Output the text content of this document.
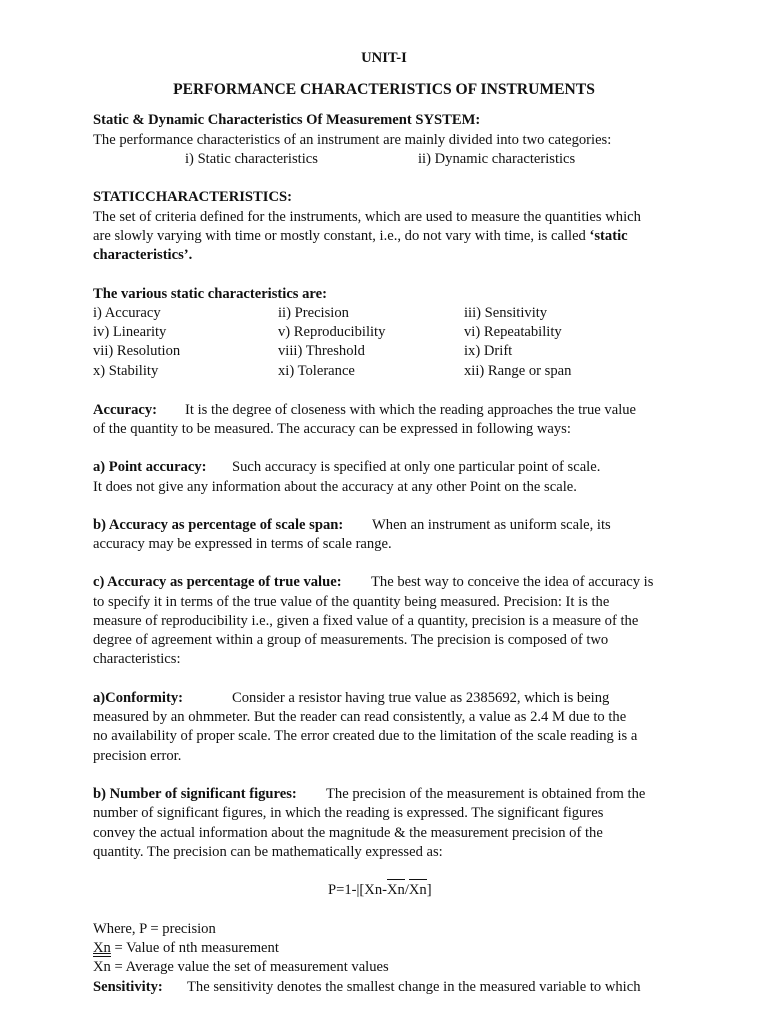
UNIT-I
PERFORMANCE CHARACTERISTICS OF INSTRUMENTS
Static & Dynamic Characteristics Of Measurement SYSTEM:
The performance characteristics of an instrument are mainly divided into two categories:
i) Static characteristics	ii) Dynamic characteristics
STATICCHARACTERISTICS:
The set of criteria defined for the instruments, which are used to measure the quantities which
are slowly varying with time or mostly constant, i.e., do not vary with time, is called ‘static
characteristics’.
The various static characteristics are:
i) Accuracy	ii) Precision	iii) Sensitivity
iv) Linearity	v) Reproducibility	vi) Repeatability
vii) Resolution	viii) Threshold	ix) Drift
x) Stability	xi) Tolerance	xii) Range or span
Accuracy: It is the degree of closeness with which the reading approaches the true value
of the quantity to be measured. The accuracy can be expressed in following ways:
a) Point accuracy: Such accuracy is specified at only one particular point of scale.
It does not give any information about the accuracy at any other Point on the scale.
b) Accuracy as percentage of scale span: When an instrument as uniform scale, its
accuracy may be expressed in terms of scale range.
c) Accuracy as percentage of true value: The best way to conceive the idea of accuracy is
to specify it in terms of the true value of the quantity being measured. Precision: It is the
measure of reproducibility i.e., given a fixed value of a quantity, precision is a measure of the
degree of agreement within a group of measurements. The precision is composed of two
characteristics:
a)Conformity:	Consider a resistor having true value as 2385692, which is being
measured by an ohmmeter. But the reader can read consistently, a value as 2.4 M due to the
no availability of proper scale. The error created due to the limitation of the scale reading is a
precision error.
b) Number of significant figures: The precision of the measurement is obtained from the
number of significant figures, in which the reading is expressed. The significant figures
convey the actual information about the magnitude & the measurement precision of the
quantity. The precision can be mathematically expressed as:
P=1-|[Xn-Xn/Xn]
Where, P = precision
Xn = Value of nth measurement
Xn = Average value the set of measurement values
Sensitivity: The sensitivity denotes the smallest change in the measured variable to which
